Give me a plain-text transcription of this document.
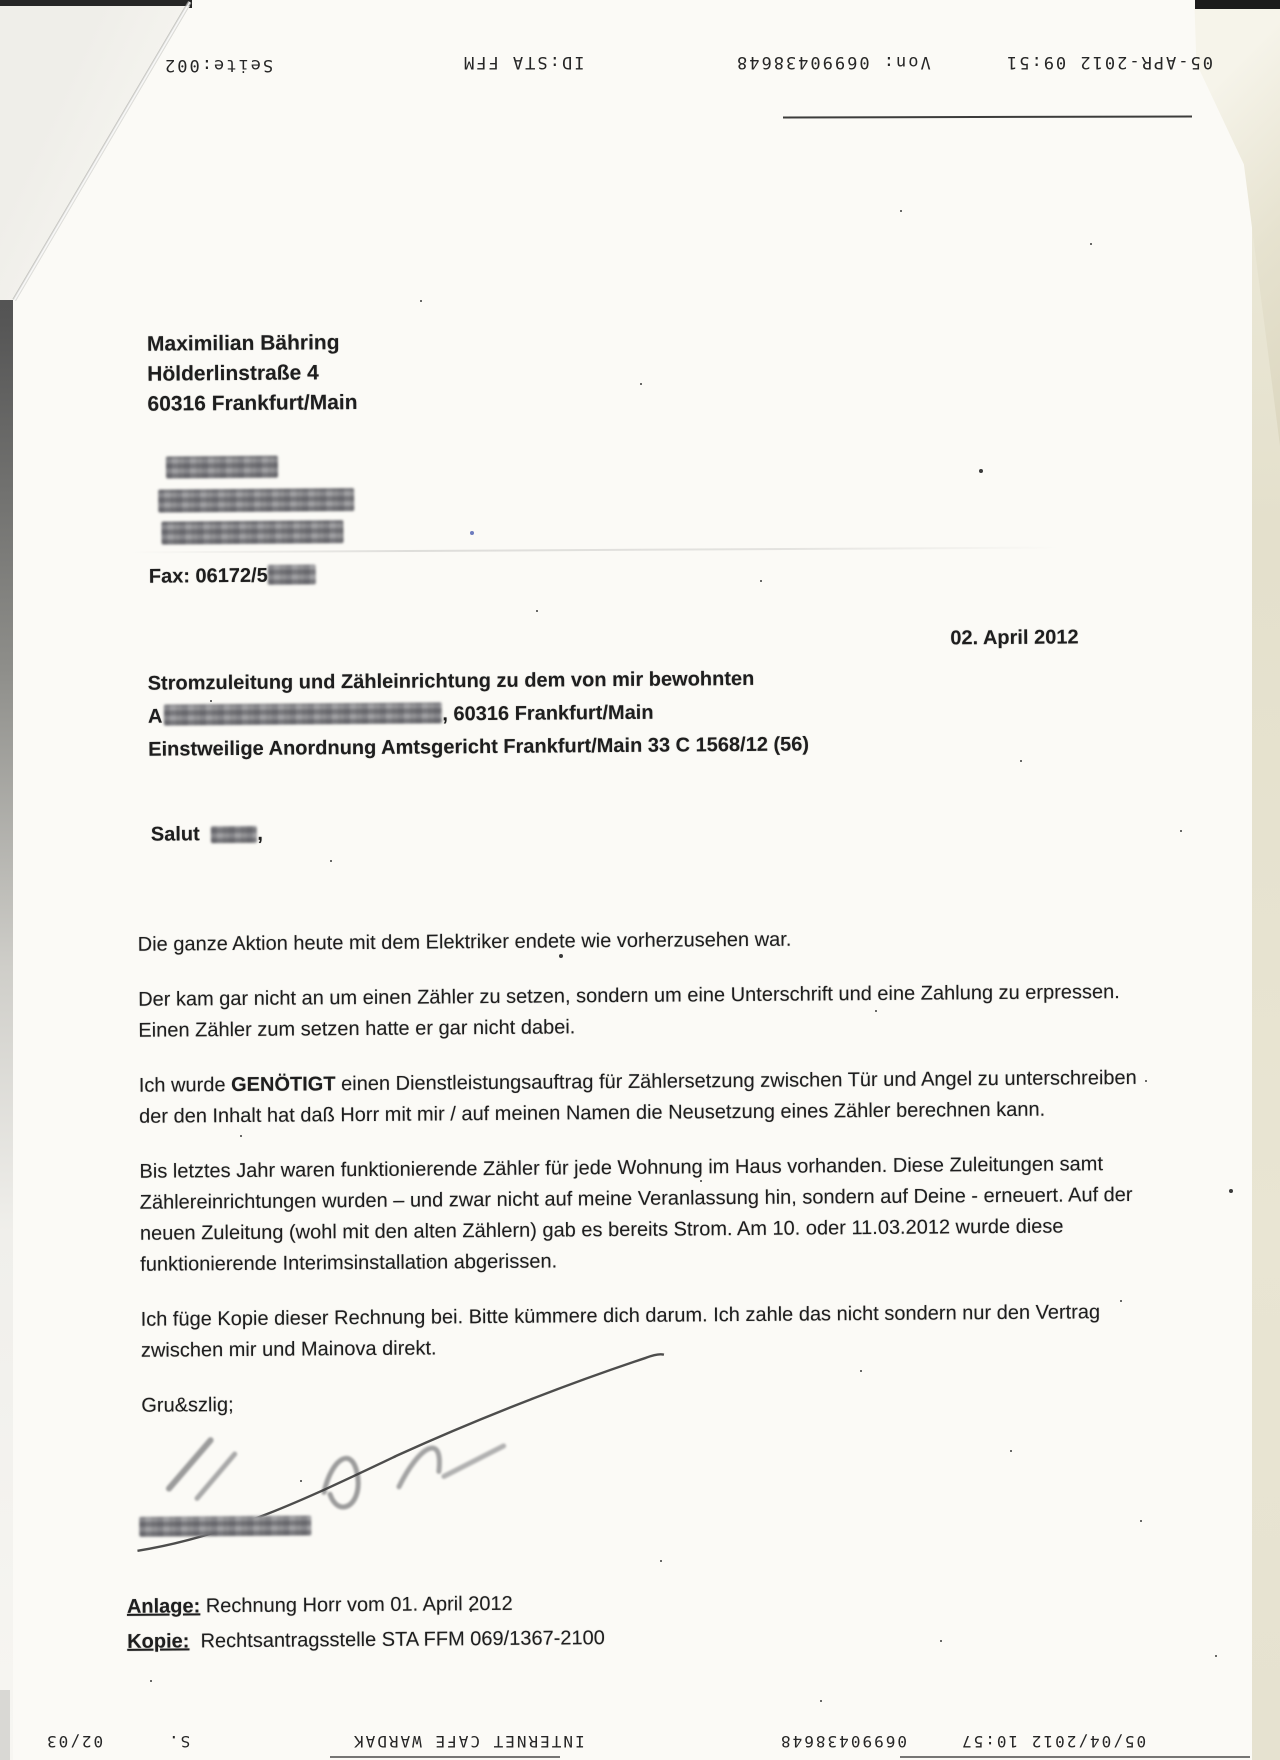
05-APR-2012 09:51
Von: 06990438648
ID:STA FFM
Seite:002
Maximilian Bähring
Hölderlinstraße 4
60316 Frankfurt/Main
Fax: 06172/5
02. April 2012
Stromzuleitung und Zähleinrichtung zu dem von mir bewohnten
A	, 60316 Frankfurt/Main
Einstweilige Anordnung Amtsgericht Frankfurt/Main 33 C 1568/12 (56)
Salut	,

Die ganze Aktion heute mit dem Elektriker endete wie vorherzusehen war.

Der kam gar nicht an um einen Zähler zu setzen, sondern um eine Unterschrift und eine Zahlung zu erpressen. Einen Zähler zum setzen hatte er gar nicht dabei.

Ich wurde GENÖTIGT einen Dienstleistungsauftrag für Zählersetzung zwischen Tür und Angel zu unterschreiben der den Inhalt hat daß Horr mit mir / auf meinen Namen die Neusetzung eines Zähler berechnen kann.

Bis letztes Jahr waren funktionierende Zähler für jede Wohnung im Haus vorhanden. Diese Zuleitungen samt Zählereinrichtungen wurden – und zwar nicht auf meine Veranlassung hin, sondern auf Deine - erneuert. Auf der neuen Zuleitung (wohl mit den alten Zählern) gab es bereits Strom. Am 10. oder 11.03.2012 wurde diese funktionierende Interimsinstallation abgerissen.

Ich füge Kopie dieser Rechnung bei. Bitte kümmere dich darum. Ich zahle das nicht sondern nur den Vertrag zwischen mir und Mainova direkt.

Gru&szlig;

Anlage: Rechnung Horr vom 01. April 2012
Kopie: Rechtsantragsstelle STA FFM 069/1367-2100
05/04/2012 10:57
06990438648
INTERNET CAFE WARDAK
S.
02/03
